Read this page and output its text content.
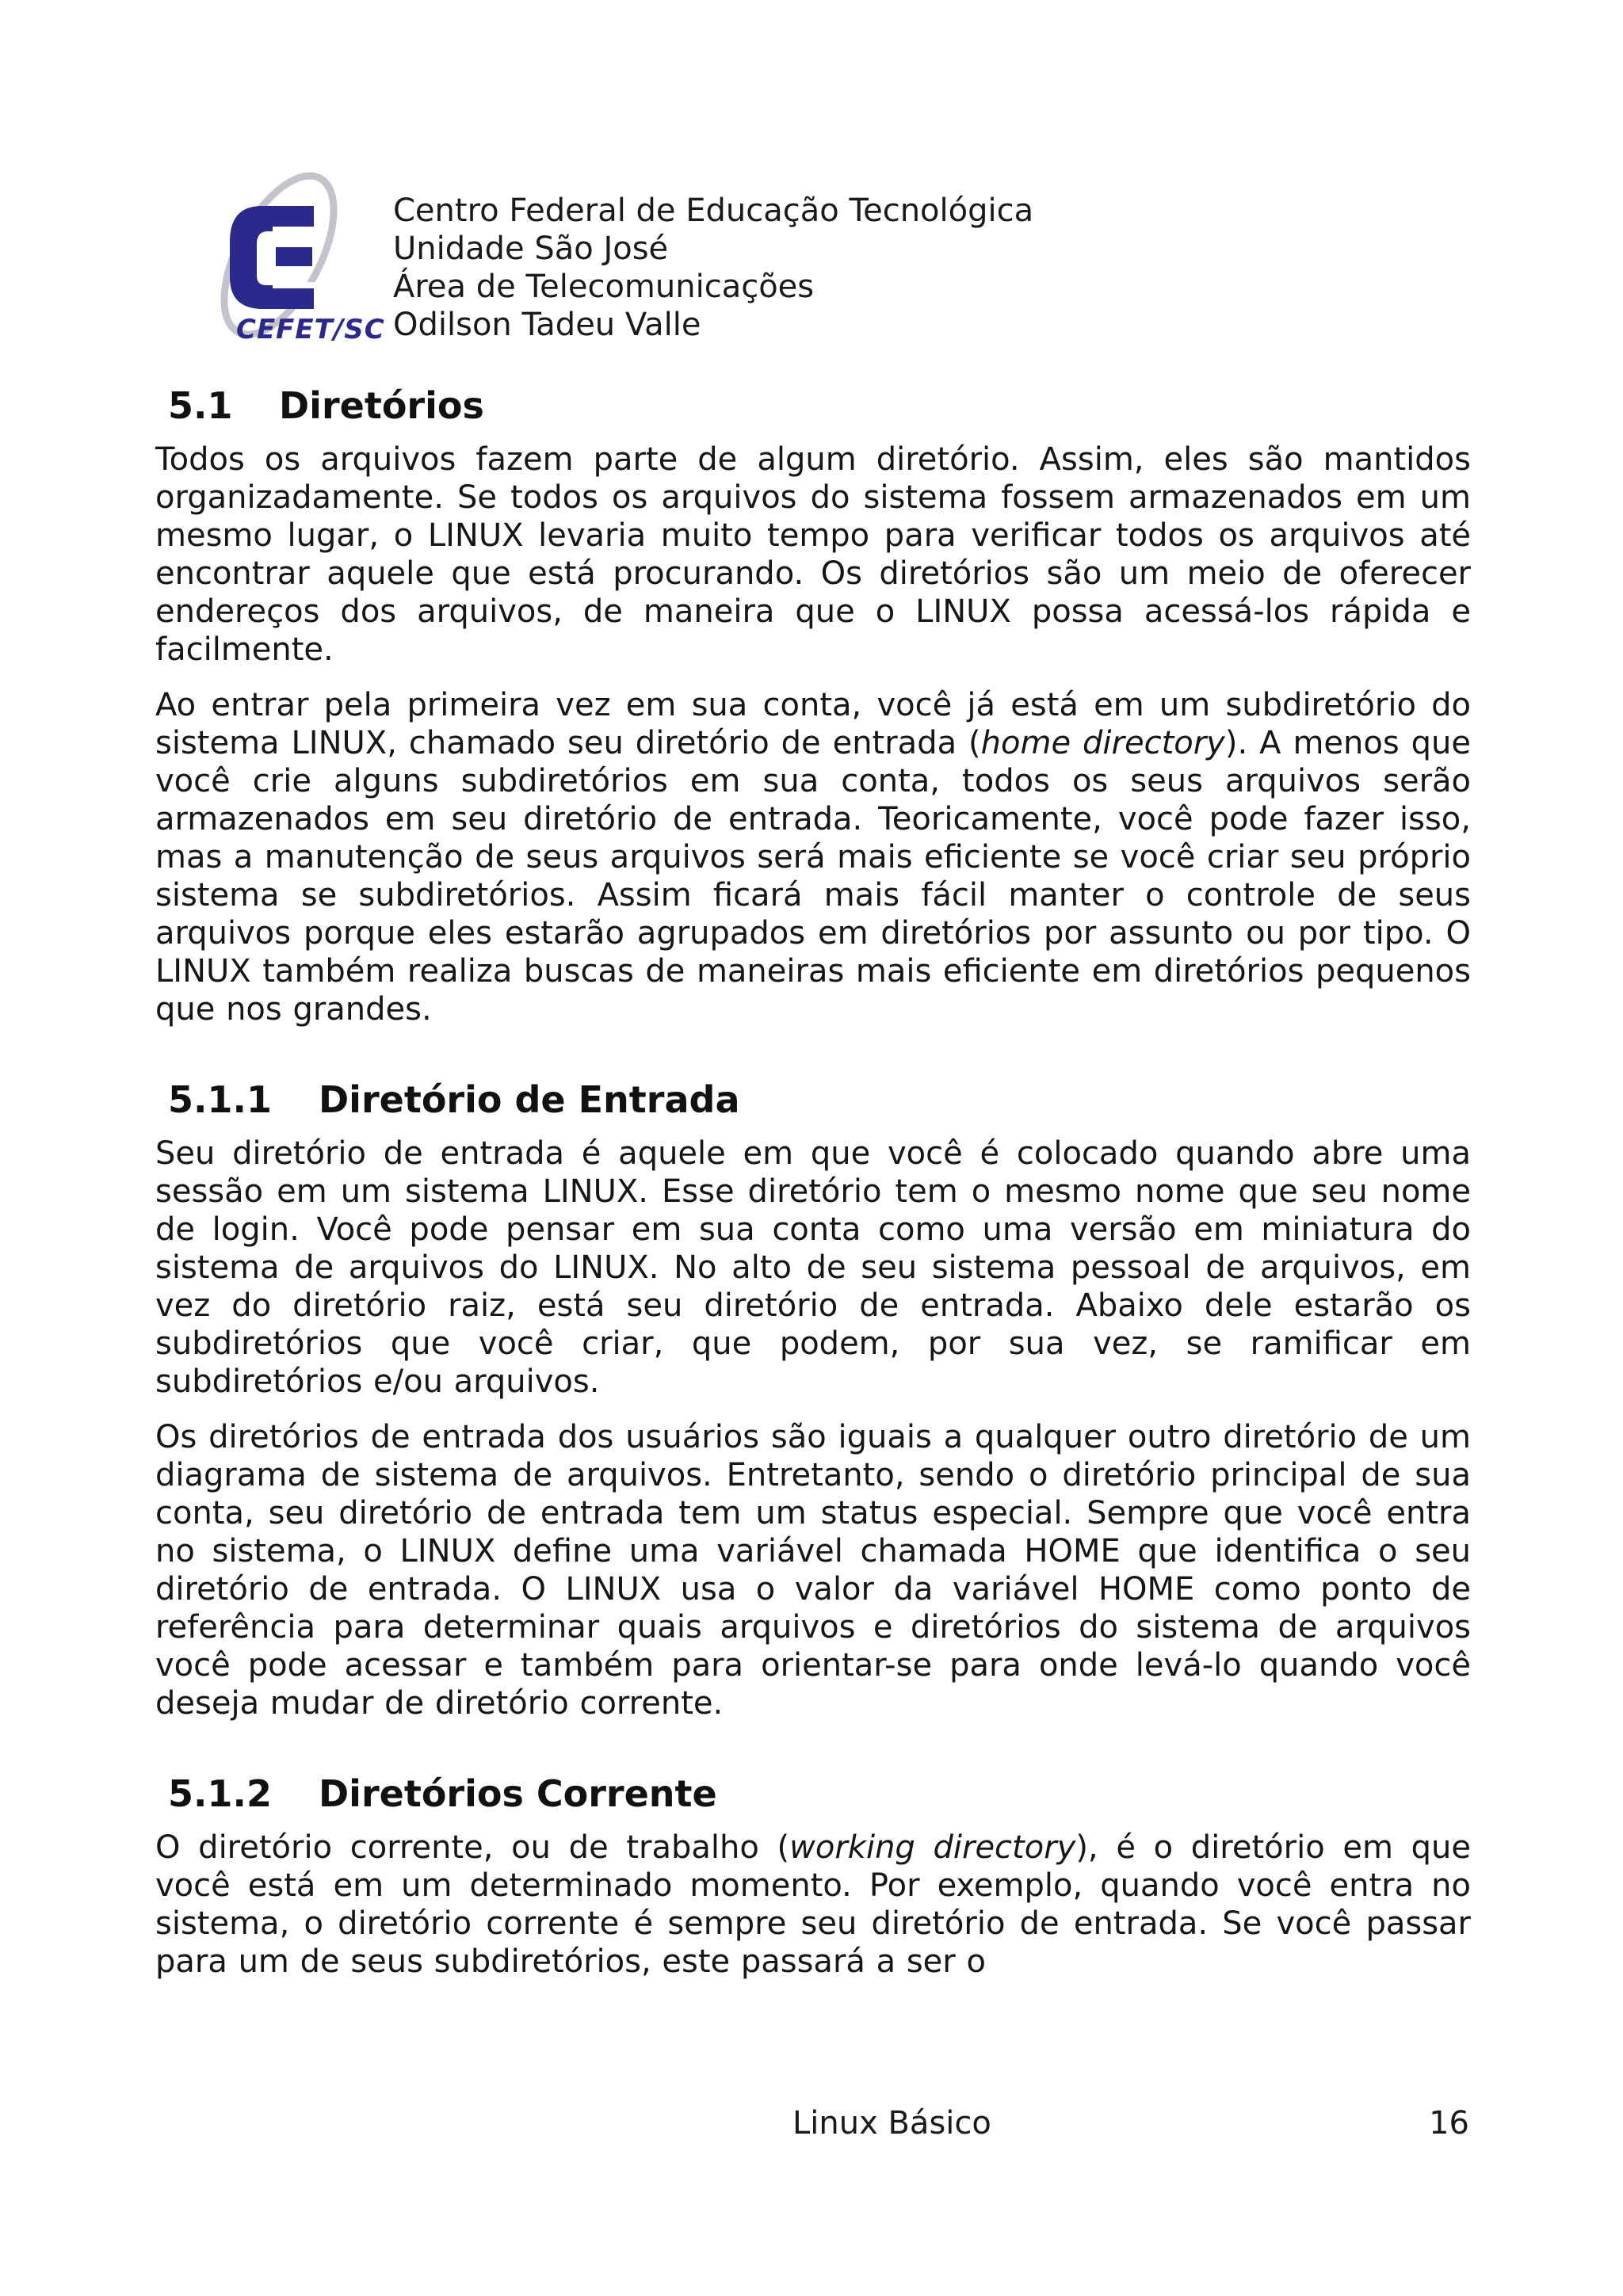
CEFET/SC
Centro Federal de Educação Tecnológica
Unidade São José
Área de Telecomunicações
Odilson Tadeu Valle
5.1 Diretórios

Todos os arquivos fazem parte de algum diretório. Assim, eles são mantidos organizadamente. Se todos os arquivos do sistema fossem armazenados em um mesmo lugar, o LINUX levaria muito tempo para verificar todos os arquivos até encontrar aquele que está procurando. Os diretórios são um meio de oferecer endereços dos arquivos, de maneira que o LINUX possa acessá-los rápida e facilmente.

Ao entrar pela primeira vez em sua conta, você já está em um subdiretório do sistema LINUX, chamado seu diretório de entrada (home directory). A menos que você crie alguns subdiretórios em sua conta, todos os seus arquivos serão armazenados em seu diretório de entrada. Teoricamente, você pode fazer isso, mas a manutenção de seus arquivos será mais eficiente se você criar seu próprio sistema se subdiretórios. Assim ficará mais fácil manter o controle de seus arquivos porque eles estarão agrupados em diretórios por assunto ou por tipo. O LINUX também realiza buscas de maneiras mais eficiente em diretórios pequenos que nos grandes.

5.1.1 Diretório de Entrada

Seu diretório de entrada é aquele em que você é colocado quando abre uma sessão em um sistema LINUX. Esse diretório tem o mesmo nome que seu nome de login. Você pode pensar em sua conta como uma versão em miniatura do sistema de arquivos do LINUX. No alto de seu sistema pessoal de arquivos, em vez do diretório raiz, está seu diretório de entrada. Abaixo dele estarão os subdiretórios que você criar, que podem, por sua vez, se ramificar em subdiretórios e/ou arquivos.

Os diretórios de entrada dos usuários são iguais a qualquer outro diretório de um diagrama de sistema de arquivos. Entretanto, sendo o diretório principal de sua conta, seu diretório de entrada tem um status especial. Sempre que você entra no sistema, o LINUX define uma variável chamada HOME que identifica o seu diretório de entrada. O LINUX usa o valor da variável HOME como ponto de referência para determinar quais arquivos e diretórios do sistema de arquivos você pode acessar e também para orientar-se para onde levá-lo quando você deseja mudar de diretório corrente.

5.1.2 Diretórios Corrente

O diretório corrente, ou de trabalho (working directory), é o diretório em que você está em um determinado momento. Por exemplo, quando você entra no sistema, o diretório corrente é sempre seu diretório de entrada. Se você passar para um de seus subdiretórios, este passará a ser o

Linux Básico	16
